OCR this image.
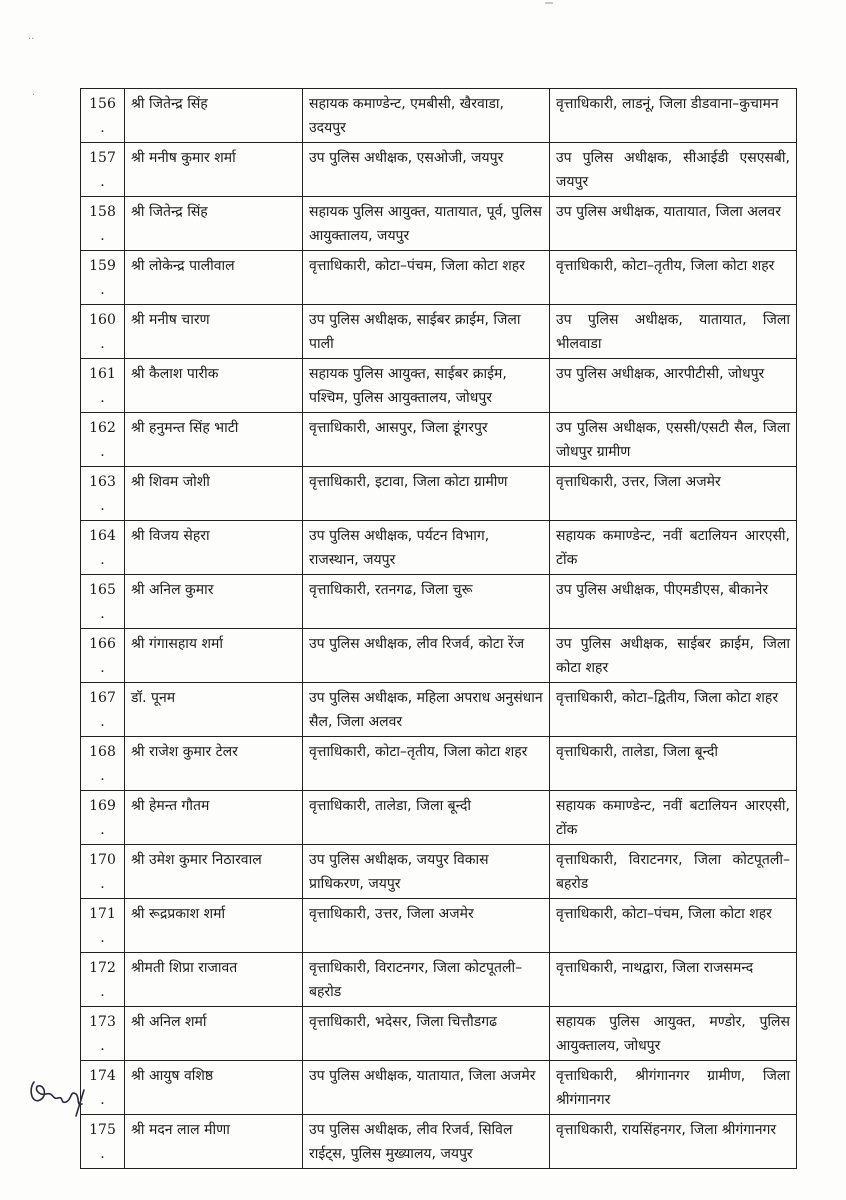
··
·
156.	श्री जितेन्द्र सिंह	सहायक कमाण्डेन्ट, एमबीसी, खैरवाडा, उदयपुर	वृत्ताधिकारी, लाडनूं, जिला डीडवाना–कुचामन
157.	श्री मनीष कुमार शर्मा	उप पुलिस अधीक्षक, एसओजी, जयपुर	उप पुलिस अधीक्षक, सीआईडी एसएसबी, जयपुर
158.	श्री जितेन्द्र सिंह	सहायक पुलिस आयुक्त, यातायात, पूर्व, पुलिस आयुक्तालय, जयपुर	उप पुलिस अधीक्षक, यातायात, जिला अलवर
159.	श्री लोकेन्द्र पालीवाल	वृत्ताधिकारी, कोटा–पंचम, जिला कोटा शहर	वृत्ताधिकारी, कोटा–तृतीय, जिला कोटा शहर
160.	श्री मनीष चारण	उप पुलिस अधीक्षक, साईबर क्राईम, जिला पाली	उप पुलिस अधीक्षक, यातायात, जिला भीलवाडा
161.	श्री कैलाश पारीक	सहायक पुलिस आयुक्त, साईबर क्राईम, पश्चिम, पुलिस आयुक्तालय, जोधपुर	उप पुलिस अधीक्षक, आरपीटीसी, जोधपुर
162.	श्री हनुमन्त सिंह भाटी	वृत्ताधिकारी, आसपुर, जिला डूंगरपुर	उप पुलिस अधीक्षक, एससी/एसटी सैल, जिला जोधपुर ग्रामीण
163.	श्री शिवम जोशी	वृत्ताधिकारी, इटावा, जिला कोटा ग्रामीण	वृत्ताधिकारी, उत्तर, जिला अजमेर
164.	श्री विजय सेहरा	उप पुलिस अधीक्षक, पर्यटन विभाग, राजस्थान, जयपुर	सहायक कमाण्डेन्ट, नवीं बटालियन आरएसी, टोंक
165.	श्री अनिल कुमार	वृत्ताधिकारी, रतनगढ, जिला चुरू	उप पुलिस अधीक्षक, पीएमडीएस, बीकानेर
166.	श्री गंगासहाय शर्मा	उप पुलिस अधीक्षक, लीव रिजर्व, कोटा रेंज	उप पुलिस अधीक्षक, साईबर क्राईम, जिला कोटा शहर
167.	डॉ. पूनम	उप पुलिस अधीक्षक, महिला अपराध अनुसंधान सैल, जिला अलवर	वृत्ताधिकारी, कोटा–द्वितीय, जिला कोटा शहर
168.	श्री राजेश कुमार टेलर	वृत्ताधिकारी, कोटा–तृतीय, जिला कोटा शहर	वृत्ताधिकारी, तालेडा, जिला बून्दी
169.	श्री हेमन्त गौतम	वृत्ताधिकारी, तालेडा, जिला बून्दी	सहायक कमाण्डेन्ट, नवीं बटालियन आरएसी, टोंक
170.	श्री उमेश कुमार निठारवाल	उप पुलिस अधीक्षक, जयपुर विकास प्राधिकरण, जयपुर	वृत्ताधिकारी, विराटनगर, जिला कोटपूतली–बहरोड
171.	श्री रूद्रप्रकाश शर्मा	वृत्ताधिकारी, उत्तर, जिला अजमेर	वृत्ताधिकारी, कोटा–पंचम, जिला कोटा शहर
172.	श्रीमती शिप्रा राजावत	वृत्ताधिकारी, विराटनगर, जिला कोटपूतली–बहरोड	वृत्ताधिकारी, नाथद्वारा, जिला राजसमन्द
173.	श्री अनिल शर्मा	वृत्ताधिकारी, भदेसर, जिला चित्तौडगढ	सहायक पुलिस आयुक्त, मण्डोर, पुलिस आयुक्तालय, जोधपुर
174.	श्री आयुष वशिष्ठ	उप पुलिस अधीक्षक, यातायात, जिला अजमेर	वृत्ताधिकारी, श्रीगंगानगर ग्रामीण, जिला श्रीगंगानगर
175.	श्री मदन लाल मीणा	उप पुलिस अधीक्षक, लीव रिजर्व, सिविल राईट्स, पुलिस मुख्यालय, जयपुर	वृत्ताधिकारी, रायसिंहनगर, जिला श्रीगंगानगर
